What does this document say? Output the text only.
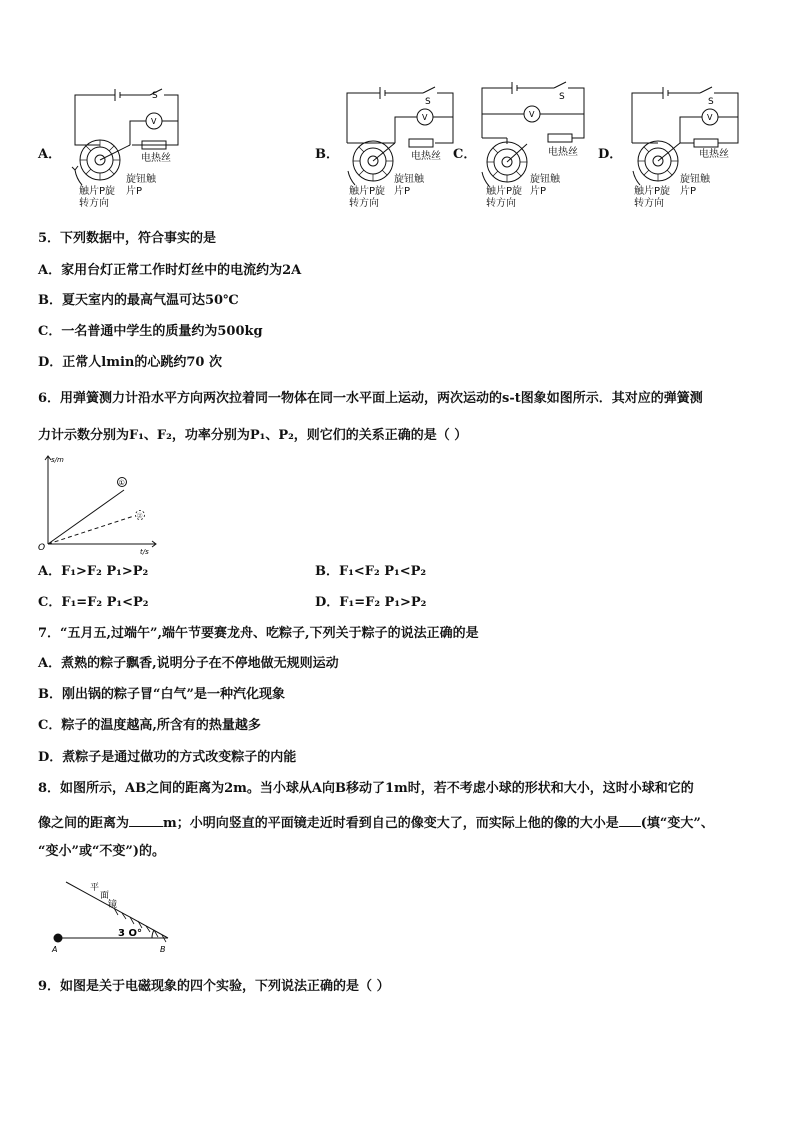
A．
S
V
电热丝
旋钮触
片P
触片P旋
转方向
B．
S
V
电热丝
旋钮触
片P
触片P旋
转方向
C．
S
V
电热丝
旋钮触
片P
触片P旋
转方向
D．
S
V
电热丝
旋钮触
片P
触片P旋
转方向
5．下列数据中，符合事实的是
A．家用台灯正常工作时灯丝中的电流约为2A
B．夏天室内的最高气温可达50℃
C．一名普通中学生的质量约为500kg
D．正常人lmin的心跳约70 次
6．用弹簧测力计沿水平方向两次拉着同一物体在同一水平面上运动，两次运动的s-t图象如图所示．其对应的弹簧测
力计示数分别为F₁、F₂，功率分别为P₁、P₂，则它们的关系正确的是（ ）
s/m
t/s
O
①
②
A．F₁>F₂ P₁>P₂	B．F₁<F₂ P₁<P₂
C．F₁=F₂ P₁<P₂	D．F₁=F₂ P₁>P₂
7．“五月五,过端午”,端午节要赛龙舟、吃粽子,下列关于粽子的说法正确的是
A．煮熟的粽子飘香,说明分子在不停地做无规则运动
B．刚出锅的粽子冒“白气”是一种汽化现象
C．粽子的温度越高,所含有的热量越多
D．煮粽子是通过做功的方式改变粽子的内能
8．如图所示，AB之间的距离为2m。当小球从A向B移动了1m时，若不考虑小球的形状和大小，这时小球和它的
像之间的距离为	m；小明向竖直的平面镜走近时看到自己的像变大了，而实际上他的像的大小是 (填“变大”、
“变小”或“不变”)的。
平
面
镜
3 O°
A	B
9．如图是关于电磁现象的四个实验，下列说法正确的是（ ）
